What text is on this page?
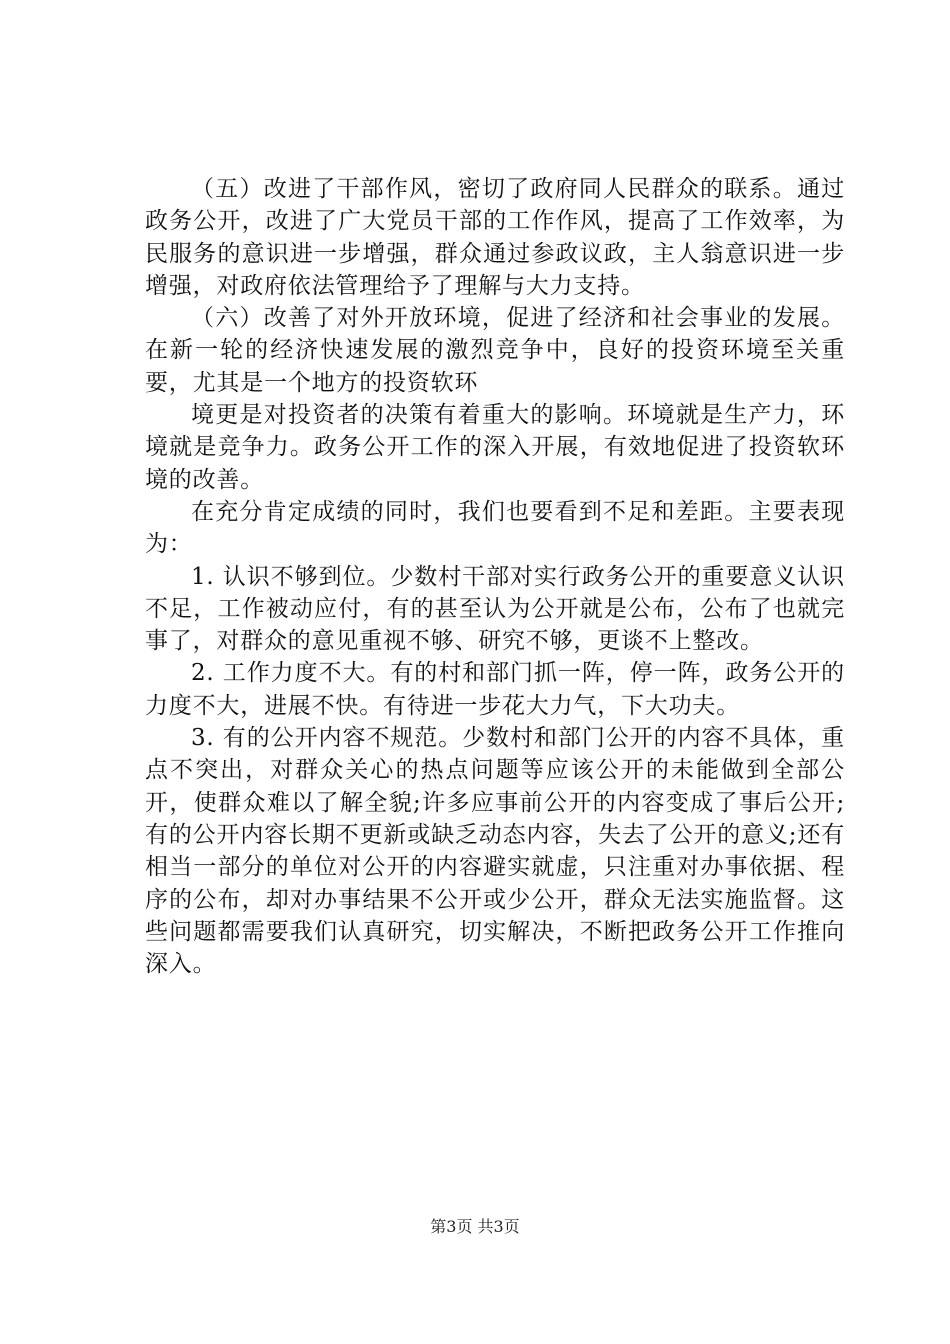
（五）改进了干部作风，密切了政府同人民群众的联系。通过政务公开，改进了广大党员干部的工作作风，提高了工作效率，为民服务的意识进一步增强，群众通过参政议政，主人翁意识进一步增强，对政府依法管理给予了理解与大力支持。

（六）改善了对外开放环境，促进了经济和社会事业的发展。在新一轮的经济快速发展的激烈竞争中，良好的投资环境至关重要，尤其是一个地方的投资软环

境更是对投资者的决策有着重大的影响。环境就是生产力，环境就是竞争力。政务公开工作的深入开展，有效地促进了投资软环境的改善。

在充分肯定成绩的同时，我们也要看到不足和差距。主要表现为：

1. 认识不够到位。少数村干部对实行政务公开的重要意义认识不足，工作被动应付，有的甚至认为公开就是公布，公布了也就完事了，对群众的意见重视不够、研究不够，更谈不上整改。

2. 工作力度不大。有的村和部门抓一阵，停一阵，政务公开的力度不大，进展不快。有待进一步花大力气，下大功夫。

3. 有的公开内容不规范。少数村和部门公开的内容不具体，重点不突出，对群众关心的热点问题等应该公开的未能做到全部公开，使群众难以了解全貌;许多应事前公开的内容变成了事后公开;有的公开内容长期不更新或缺乏动态内容，失去了公开的意义;还有相当一部分的单位对公开的内容避实就虚，只注重对办事依据、程序的公布，却对办事结果不公开或少公开，群众无法实施监督。这些问题都需要我们认真研究，切实解决，不断把政务公开工作推向深入。

第3页 共3页
